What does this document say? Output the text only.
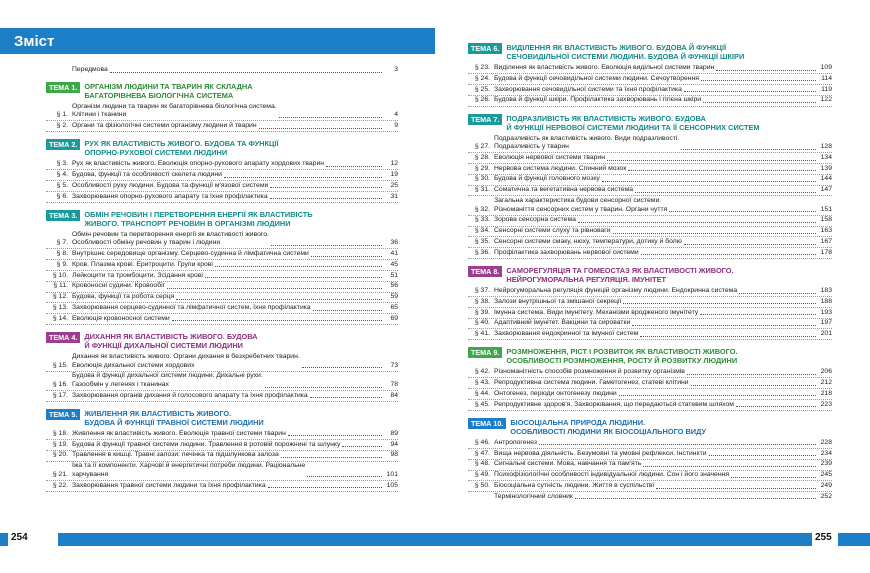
Зміст
Передмова	3
ТЕМА 1. ОРГАНІЗМ ЛЮДИНИ ТА ТВАРИН ЯК СКЛАДНА
БАГАТОРІВНЕВА БІОЛОГІЧНА СИСТЕМА
§ 1.
Організм людини та тварин як багаторівнева біологічна система.
Клітини і тканини	4
§ 2. Органи та фізіологічні системи організму людини й тварин	9
ТЕМА 2. РУХ ЯК ВЛАСТИВІСТЬ ЖИВОГО. БУДОВА ТА ФУНКЦІЇ
ОПОРНО-РУХОВОЇ СИСТЕМИ ЛЮДИНИ
§ 3. Рух як властивість живого. Еволюція опорно-рухового апарату хордових тварин	12
§ 4. Будова, функції та особливості скелета людини	19
§ 5. Особливості руху людини. Будова та функції м'язової системи	25
§ 6. Захворювання опорно-рухового апарату та їхня профілактика	31
ТЕМА 3. ОБМІН РЕЧОВИН І ПЕРЕТВОРЕННЯ ЕНЕРГІЇ ЯК ВЛАСТИВІСТЬ
ЖИВОГО. ТРАНСПОРТ РЕЧОВИН В ОРГАНІЗМІ ЛЮДИНИ
§ 7.
Обмін речовин та перетворення енергії як властивості живого.
Особливості обміну речовин у тварин і людини	36
§ 8. Внутрішнє середовище організму. Серцево-судинна й лімфатична системи	41
§ 9. Кров. Плазма крові. Еритроцити. Групи крові	45
§ 10. Лейкоцити та тромбоцити. Зсідання крові	51
§ 11. Кровоносні судини. Кровообіг	56
§ 12. Будова, функції та робота серця	59
§ 13. Захворювання серцево-судинної та лімфатичної систем, їхня профілактика	65
§ 14. Еволюція кровоносної системи	69
ТЕМА 4. ДИХАННЯ ЯК ВЛАСТИВІСТЬ ЖИВОГО. БУДОВА
Й ФУНКЦІЇ ДИХАЛЬНОЇ СИСТЕМИ ЛЮДИНИ
§ 15.
Дихання як властивість живого. Органи дихання в безхребетних тварин.
Еволюція дихальної системи хордових	73
§ 16.
Будова й функції дихальної системи людини. Дихальні рухи.
Газообмін у легенях і тканинах	78
§ 17. Захворювання органів дихання й голосового апарату та їхня профілактика	84
ТЕМА 5. ЖИВЛЕННЯ ЯК ВЛАСТИВІСТЬ ЖИВОГО.
БУДОВА Й ФУНКЦІЇ ТРАВНОЇ СИСТЕМИ ЛЮДИНИ
§ 18. Живлення як властивість живого. Еволюція травної системи тварин	89
§ 19. Будова й функції травної системи людини. Травлення в ротовій порожнині та шлунку	94
§ 20. Травлення в кишці. Травні залози: печінка та підшлункова залоза	98
§ 21.
Їжа та її компоненти. Харчові й енергетичні потреби людини. Раціональне
харчування	101
§ 22. Захворювання травної системи людини та їхня профілактика	105
254
ТЕМА 6. ВИДІЛЕННЯ ЯК ВЛАСТИВІСТЬ ЖИВОГО. БУДОВА Й ФУНКЦІЇ
СЕЧОВИДІЛЬНОЇ СИСТЕМИ ЛЮДИНИ. БУДОВА Й ФУНКЦІЇ ШКІРИ
§ 23. Виділення як властивість живого. Еволюція видільної системи тварин	109
§ 24. Будова й функції сечовидільної системи людини. Сечоутворення	114
§ 25. Захворювання сечовидільної системи та їхня профілактика	119
§ 26. Будова й функції шкіри. Профілактика захворювань і гігієна шкіри	122
ТЕМА 7. ПОДРАЗЛИВІСТЬ ЯК ВЛАСТИВІСТЬ ЖИВОГО. БУДОВА
Й ФУНКЦІЇ НЕРВОВОЇ СИСТЕМИ ЛЮДИНИ ТА ЇЇ СЕНСОРНИХ СИСТЕМ
§ 27.
Подразливість як властивість живого. Види подразливості.
Подразливість у тварин	128
§ 28. Еволюція нервової системи тварин	134
§ 29. Нервова система людини. Спинний мозок	139
§ 30. Будова й функції головного мозку	144
§ 31. Соматична та вегетативна нервова система	147
§ 32.
Загальна характеристика будови сенсорної системи.
Різноманіття сенсорних систем у тварин. Органи чуття	151
§ 33. Зорова сенсорна система	158
§ 34. Сенсорні системи слуху та рівноваги	163
§ 35. Сенсорні системи смаку, нюху, температури, дотику й болю	167
§ 36. Профілактика захворювань нервової системи	178
ТЕМА 8. САМОРЕГУЛЯЦІЯ ТА ГОМЕОСТАЗ ЯК ВЛАСТИВОСТІ ЖИВОГО.
НЕЙРОГУМОРАЛЬНА РЕГУЛЯЦІЯ. ІМУНІТЕТ
§ 37. Нейрогуморальна регуляція функцій організму людини. Ендокринна система	183
§ 38. Залози внутрішньої та змішаної секреції	188
§ 39. Імунна система. Види імунітету. Механізми вродженого імунітету	193
§ 40. Адаптивний імунітет. Вакцини та сироватки	197
§ 41. Захворювання ендокринної та імунної систем	201
ТЕМА 9. РОЗМНОЖЕННЯ, РІСТ І РОЗВИТОК ЯК ВЛАСТИВОСТІ ЖИВОГО.
ОСОБЛИВОСТІ РОЗМНОЖЕННЯ, РОСТУ Й РОЗВИТКУ ЛЮДИНИ
§ 42. Різноманітність способів розмноження й розвитку організмів	206
§ 43. Репродуктивна система людини. Гаметогенез, статеві клітини	212
§ 44. Онтогенез, періоди онтогенезу людини	218
§ 45. Репродуктивне здоров'я. Захворювання, що передаються статевим шляхом	223
ТЕМА 10. БІОСОЦІАЛЬНА ПРИРОДА ЛЮДИНИ.
ОСОБЛИВОСТІ ЛЮДИНИ ЯК БІОСОЦІАЛЬНОГО ВИДУ
§ 46. Антропогенез	228
§ 47. Вища нервова діяльність. Безумовні та умовні рефлекси. Інстинкти	234
§ 48. Сигнальні системи. Мова, навчання та пам'ять	239
§ 49. Психофізіологічні особливості індивідуальної людини. Сон і його значення	245
§ 50. Біосоціальна сутність людини. Життя в суспільстві	249
Термінологічний словник	252
255
